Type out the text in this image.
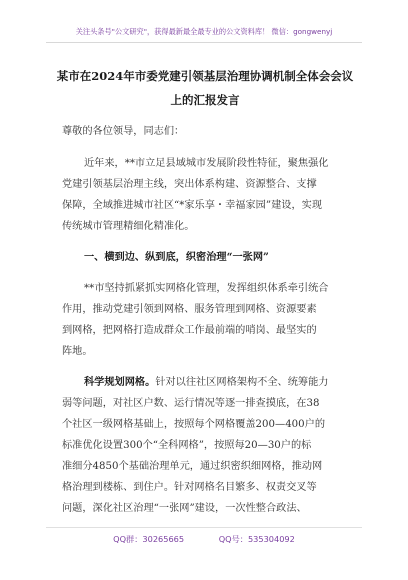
关注头条号"公文研究"，获得最新最全最专业的公文资料库！ 微信：gongwenyj
某市在2024年市委党建引领基层治理协调机制全体会会议
上的汇报发言
尊敬的各位领导，同志们：
近年来，**市立足县域城市发展阶段性特征，聚焦强化
党建引领基层治理主线，突出体系构建、资源整合、支撑
保障，全域推进城市社区“*家乐享・幸福家园”建设，实现
传统城市管理精细化精准化。
一、横到边、纵到底，织密治理“一张网”
**市坚持抓紧抓实网格化管理，发挥组织体系牵引统合
作用，推动党建引领到网格、服务管理到网格、资源要素
到网格，把网格打造成群众工作最前端的哨岗、最坚实的
阵地。
科学规划网格。针对以往社区网格架构不全、统筹能力
弱等问题，对社区户数、运行情况等逐一排查摸底，在38
个社区一级网格基础上，按照每个网格覆盖200—400户的
标准优化设置300个“全科网格”，按照每20—30户的标
准细分4850个基础治理单元，通过织密织细网格，推动网
格治理到楼栋、到住户。针对网格名目繁多、权责交叉等
问题，深化社区治理“一张网”建设，一次性整合政法、
QQ群：30265665	QQ号：535304092
